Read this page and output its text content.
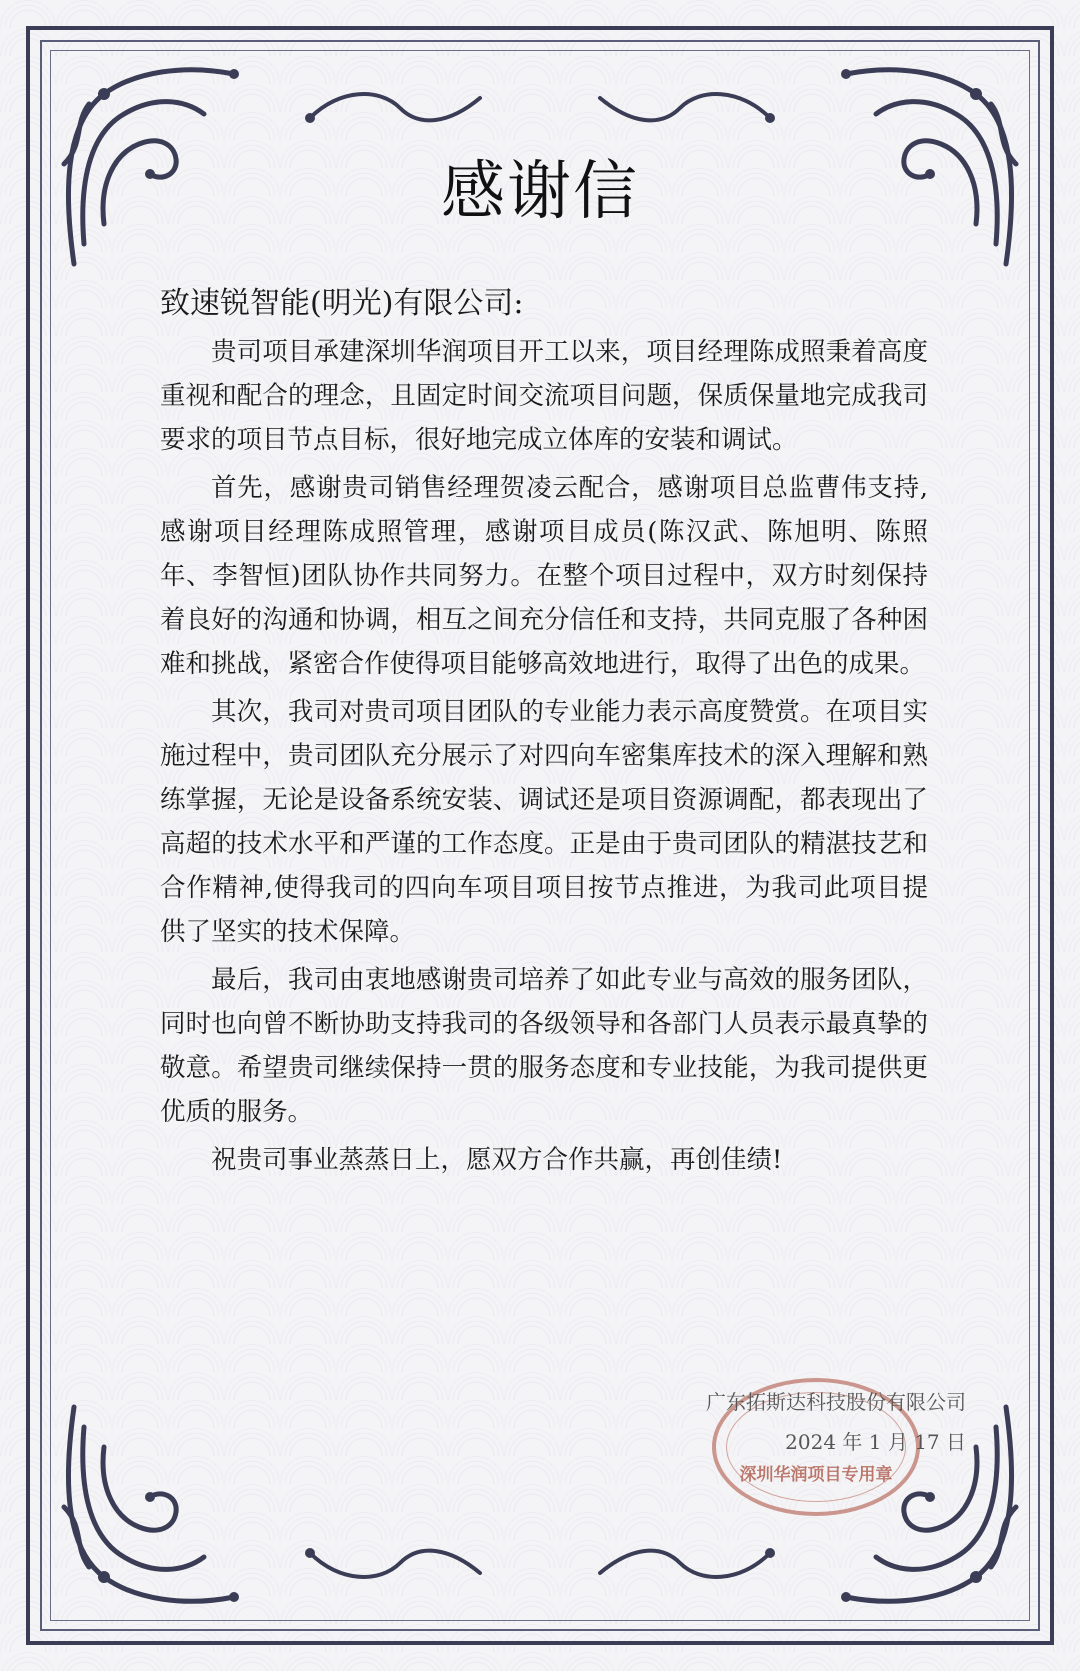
感谢信
致速锐智能(明光)有限公司:

贵司项目承建深圳华润项目开工以来，项目经理陈成照秉着高度重视和配合的理念，且固定时间交流项目问题，保质保量地完成我司要求的项目节点目标，很好地完成立体库的安装和调试。

首先，感谢贵司销售经理贺凌云配合，感谢项目总监曹伟支持,感谢项目经理陈成照管理，感谢项目成员(陈汉武、陈旭明、陈照年、李智恒)团队协作共同努力。在整个项目过程中，双方时刻保持着良好的沟通和协调，相互之间充分信任和支持，共同克服了各种困难和挑战，紧密合作使得项目能够高效地进行，取得了出色的成果。

其次，我司对贵司项目团队的专业能力表示高度赞赏。在项目实施过程中，贵司团队充分展示了对四向车密集库技术的深入理解和熟练掌握，无论是设备系统安装、调试还是项目资源调配，都表现出了高超的技术水平和严谨的工作态度。正是由于贵司团队的精湛技艺和合作精神,使得我司的四向车项目项目按节点推进，为我司此项目提供了坚实的技术保障。

最后，我司由衷地感谢贵司培养了如此专业与高效的服务团队，同时也向曾不断协助支持我司的各级领导和各部门人员表示最真挚的敬意。希望贵司继续保持一贯的服务态度和专业技能，为我司提供更优质的服务。

祝贵司事业蒸蒸日上，愿双方合作共赢，再创佳绩!

深圳华润项目专用章
广东拓斯达科技股份有限公司
2024 年 1 月 17 日
